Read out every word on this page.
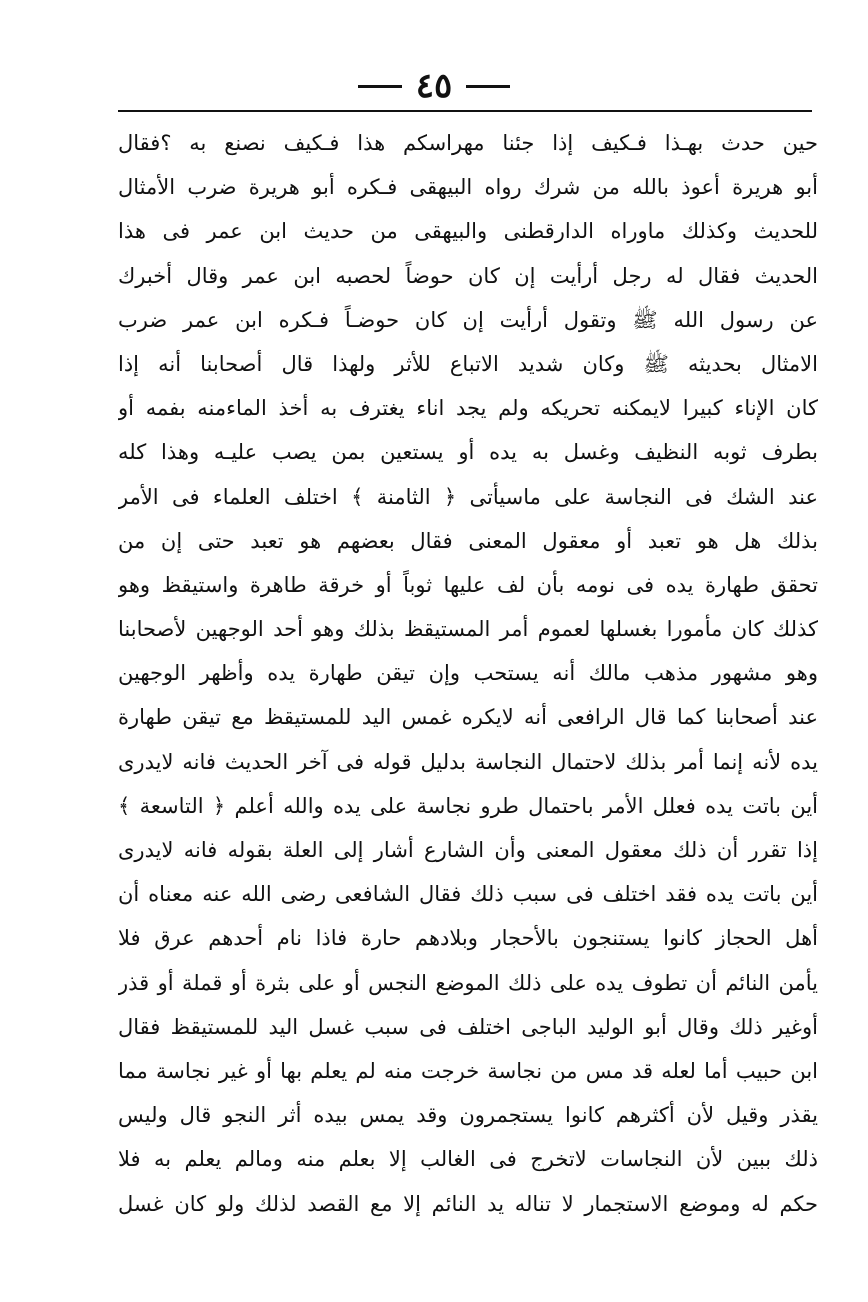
٤٥
حين حدث بهـذا فـكيف إذا جئنا مهراسكم هذا فـكيف نصنع به ؟فقال
أبو هريرة أعوذ بالله من شرك رواه البيهقى فـكره أبو هريرة ضرب الأمثال
للحديث وكذلك ماوراه الدارقطنى والبيهقى من حديث ابن عمر فى هذا
الحديث فقال له رجل أرأيت إن كان حوضاً لحصبه ابن عمر وقال أخبرك
عن رسول الله ﷺ وتقول أرأيت إن كان حوضـاً فـكره ابن عمر ضرب
الامثال بحديثه ﷺ وكان شديد الاتباع للأثر ولهذا قال أصحابنا أنه إذا
كان الإناء كبيرا لايمكنه تحريكه ولم يجد اناء يغترف به أخذ الماءمنه بفمه أو
بطرف ثوبه النظيف وغسل به يده أو يستعين بمن يصب عليـه وهذا كله
عند الشك فى النجاسة على ماسيأتى ﴿ الثامنة ﴾ اختلف العلماء فى الأمر
بذلك هل هو تعبد أو معقول المعنى فقال بعضهم هو تعبد حتى إن من
تحقق طهارة يده فى نومه بأن لف عليها ثوباً أو خرقة طاهرة واستيقظ وهو
كذلك كان مأمورا بغسلها لعموم أمر المستيقظ بذلك وهو أحد الوجهين لأصحابنا
وهو مشهور مذهب مالك أنه يستحب وإن تيقن طهارة يده وأظهر الوجهين
عند أصحابنا كما قال الرافعى أنه لايكره غمس اليد للمستيقظ مع تيقن طهارة
يده لأنه إنما أمر بذلك لاحتمال النجاسة بدليل قوله فى آخر الحديث فانه لايدرى
أين باتت يده فعلل الأمر باحتمال طرو نجاسة على يده والله أعلم ﴿ التاسعة ﴾
إذا تقرر أن ذلك معقول المعنى وأن الشارع أشار إلى العلة بقوله فانه لايدرى
أين باتت يده فقد اختلف فى سبب ذلك فقال الشافعى رضى الله عنه معناه أن
أهل الحجاز كانوا يستنجون بالأحجار وبلادهم حارة فاذا نام أحدهم عرق فلا
يأمن النائم أن تطوف يده على ذلك الموضع النجس أو على بثرة أو قملة أو قذر
أوغير ذلك وقال أبو الوليد الباجى اختلف فى سبب غسل اليد للمستيقظ فقال
ابن حبيب أما لعله قد مس من نجاسة خرجت منه لم يعلم بها أو غير نجاسة مما
يقذر وقيل لأن أكثرهم كانوا يستجمرون وقد يمس بيده أثر النجو قال وليس
ذلك ببين لأن النجاسات لاتخرج فى الغالب إلا بعلم منه ومالم يعلم به فلا
حكم له وموضع الاستجمار لا تناله يد النائم إلا مع القصد لذلك ولو كان غسل
